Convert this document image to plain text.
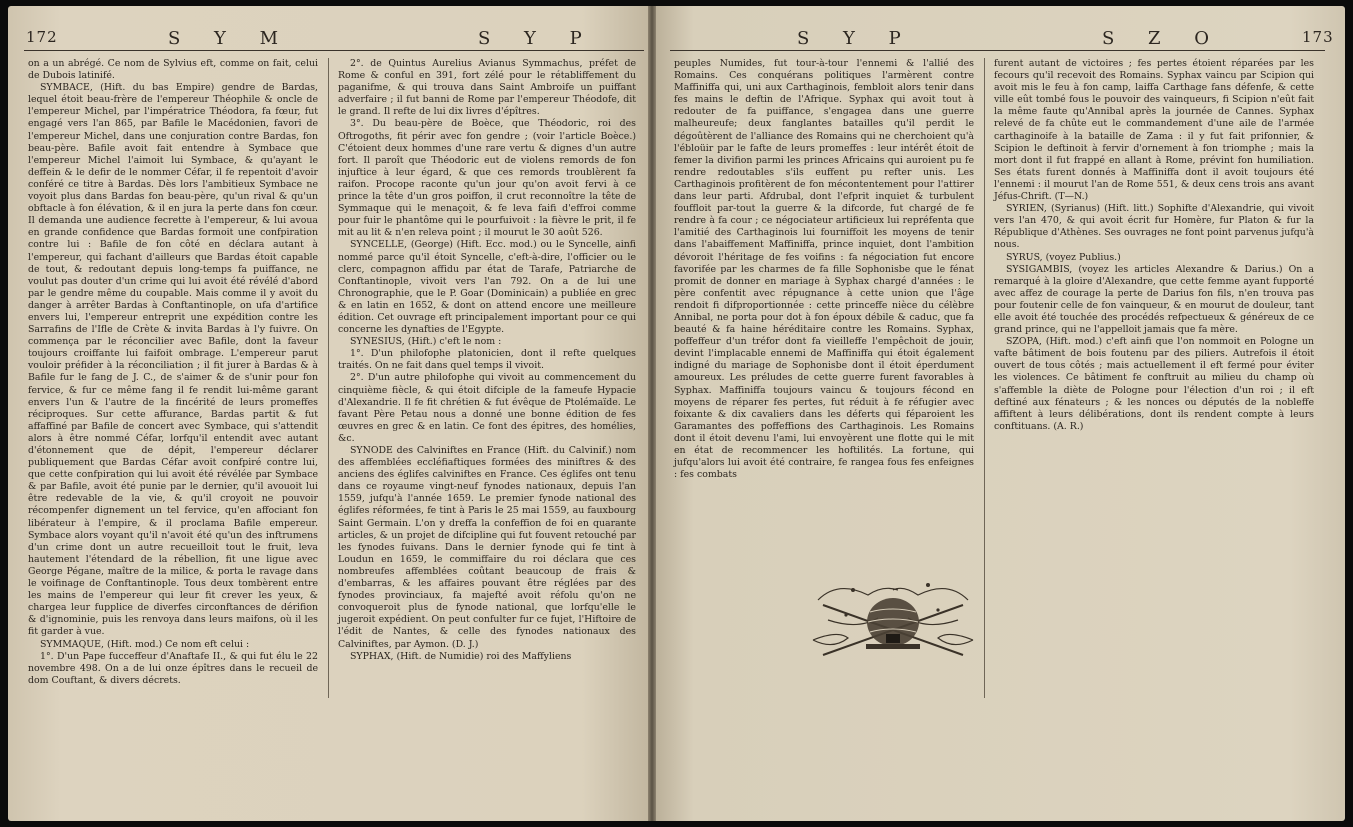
172	S Y M	S Y P

on a un abrégé. Ce nom de Sylvius eft, comme on fait, celui de Dubois latinifé.

SYMBACE, (Hift. du bas Empire) gendre de Bardas, lequel étoit beau-frère de l'empereur Théophile & oncle de l'empereur Michel, par l'impératrice Théodora, fa fœur, fut engagé vers l'an 865, par Bafile le Macédonien, favori de l'empereur Michel, dans une conjuration contre Bardas, fon beau-père. Bafile avoit fait entendre à Symbace que l'empereur Michel l'aimoit lui Symbace, & qu'ayant le deffein & le defir de le nommer Céfar, il fe repentoit d'avoir conféré ce titre à Bardas. Dès lors l'ambitieux Symbace ne voyoit plus dans Bardas fon beau-père, qu'un rival & qu'un obftacle à fon élévation, & il en jura la perte dans fon cœur. Il demanda une audience fecrette à l'empereur, & lui avoua en grande confidence que Bardas formoit une confpiration contre lui : Bafile de fon côté en déclara autant à l'empereur, qui fachant d'ailleurs que Bardas étoit capable de tout, & redoutant depuis long-temps fa puiffance, ne voulut pas douter d'un crime qui lui avoit été révélé d'abord par le gendre même du coupable. Mais comme il y avoit du danger à arrêter Bardas à Conftantinople, on ufa d'artifice envers lui, l'empereur entreprit une expédition contre les Sarrafins de l'Ifle de Crète & invita Bardas à l'y fuivre. On commença par le réconcilier avec Bafile, dont la faveur toujours croiffante lui faifoit ombrage. L'empereur parut vouloir préfider à la réconciliation ; il fit jurer à Bardas & à Bafile fur le fang de J. C., de s'aimer & de s'unir pour fon fervice, & fur ce même fang il fe rendit lui-même garant envers l'un & l'autre de la fincérité de leurs promeffes réciproques. Sur cette affurance, Bardas partit & fut affaffiné par Bafile de concert avec Symbace, qui s'attendit alors à être nommé Céfar, lorfqu'il entendit avec autant d'étonnement que de dépit, l'empereur déclarer publiquement que Bardas Céfar avoit confpiré contre lui, que cette confpiration qui lui avoit été révélée par Symbace & par Bafile, avoit été punie par le dernier, qu'il avouoit lui être redevable de la vie, & qu'il croyoit ne pouvoir récompenfer dignement un tel fervice, qu'en affociant fon libérateur à l'empire, & il proclama Bafile empereur. Symbace alors voyant qu'il n'avoit été qu'un des inftrumens d'un crime dont un autre recueilloit tout le fruit, leva hautement l'étendard de la rébellion, fit une ligue avec George Pégane, maître de la milice, & porta le ravage dans le voifinage de Conftantinople. Tous deux tombèrent entre les mains de l'empereur qui leur fit crever les yeux, & chargea leur fupplice de diverfes circonftances de dérifion & d'ignominie, puis les renvoya dans leurs maifons, où il les fit garder à vue.

SYMMAQUE, (Hift. mod.) Ce nom eft celui :

1°. D'un Pape fucceffeur d'Anaftafe II., & qui fut élu le 22 novembre 498. On a de lui onze épîtres dans le recueil de dom Couftant, & divers décrets.

2°. de Quintus Aurelius Avianus Symmachus, préfet de Rome & conful en 391, fort zélé pour le rétabliffement du paganifme, & qui trouva dans Saint Ambroife un puiffant adverfaire ; il fut banni de Rome par l'empereur Théodofe, dit le grand. Il refte de lui dix livres d'épîtres.

3°. Du beau-père de Boèce, que Théodoric, roi des Oftrogoths, fit périr avec fon gendre ; (voir l'article Boèce.) C'étoient deux hommes d'une rare vertu & dignes d'un autre fort. Il paroît que Théodoric eut de violens remords de fon injuftice à leur égard, & que ces remords troublèrent fa raifon. Procope raconte qu'un jour qu'on avoit fervi à ce prince la tête d'un gros poiffon, il crut reconnoître la tête de Symmaque qui le menaçoit, & fe leva faifi d'effroi comme pour fuir le phantôme qui le pourfuivoit : la fièvre le prit, il fe mit au lit & n'en releva point ; il mourut le 30 août 526.

SYNCELLE, (George) (Hift. Ecc. mod.) ou le Syncelle, ainfi nommé parce qu'il étoit Syncelle, c'eft-à-dire, l'officier ou le clerc, compagnon affidu par état de Tarafe, Patriarche de Conftantinople, vivoit vers l'an 792. On a de lui une Chronographie, que le P. Goar (Dominicain) a publiée en grec & en latin en 1652, & dont on attend encore une meilleure édition. Cet ouvrage eft principalement important pour ce qui concerne les dynafties de l'Egypte.

SYNESIUS, (Hift.) c'eft le nom :

1°. D'un philofophe platonicien, dont il refte quelques traités. On ne fait dans quel temps il vivoit.

2°. D'un autre philofophe qui vivoit au commencement du cinquième fiècle, & qui étoit difciple de la fameufe Hypacie d'Alexandrie. Il fe fit chrétien & fut évêque de Ptolémaïde. Le favant Père Petau nous a donné une bonne édition de fes œuvres en grec & en latin. Ce font des épitres, des homélies, &c.

SYNODE des Calviniftes en France (Hift. du Calvinif.) nom des affemblées eccléfiaftiques formées des miniftres & des anciens des églifes calviniftes en France. Ces églifes ont tenu dans ce royaume vingt-neuf fynodes nationaux, depuis l'an 1559, jufqu'à l'année 1659. Le premier fynode national des églifes réformées, fe tint à Paris le 25 mai 1559, au fauxbourg Saint Germain. L'on y dreffa la confeffion de foi en quarante articles, & un projet de difcipline qui fut fouvent retouché par les fynodes fuivans. Dans le dernier fynode qui fe tint à Loudun en 1659, le commiffaire du roi déclara que ces nombreufes affemblées coûtant beaucoup de frais & d'embarras, & les affaires pouvant être réglées par des fynodes provinciaux, fa majefté avoit réfolu qu'on ne convoqueroit plus de fynode national, que lorfqu'elle le jugeroit expédient. On peut confulter fur ce fujet, l'Hiftoire de l'édit de Nantes, & celle des fynodes nationaux des Calviniftes, par Aymon. (D. J.)

SYPHAX, (Hift. de Numidie) roi des Maffyliens

S Y P	S Z O	173

peuples Numides, fut tour-à-tour l'ennemi & l'allié des Romains. Ces conquérans politiques l'armèrent contre Maffiniffa qui, uni aux Carthaginois, fembloit alors tenir dans fes mains le deftin de l'Afrique. Syphax qui avoit tout à redouter de fa puiffance, s'engagea dans une guerre malheureufe; deux fanglantes batailles qu'il perdit le dégoûtèrent de l'alliance des Romains qui ne cherchoient qu'à l'ébloüir par le fafte de leurs promeffes : leur intérêt étoit de femer la divifion parmi les princes Africains qui auroient pu fe rendre redoutables s'ils euffent pu refter unis. Les Carthaginois profitèrent de fon mécontentement pour l'attirer dans leur parti. Afdrubal, dont l'efprit inquiet & turbulent fouffloit par-tout la guerre & la difcorde, fut chargé de fe rendre à fa cour ; ce négociateur artificieux lui repréfenta que l'amitié des Carthaginois lui fourniffoit les moyens de tenir dans l'abaiffement Maffiniffa, prince inquiet, dont l'ambition dévoroit l'héritage de fes voifins : fa négociation fut encore favorifée par les charmes de fa fille Sophonisbe que le fénat promit de donner en mariage à Syphax chargé d'années : le père confentit avec répugnance à cette union que l'âge rendoit fi difproportionnée : cette princeffe nièce du célèbre Annibal, ne porta pour dot à fon époux débile & caduc, que fa beauté & fa haine héréditaire contre les Romains. Syphax, poffeffeur d'un tréfor dont fa vieilleffe l'empêchoit de jouir, devint l'implacable ennemi de Maffiniffa qui étoit également indigné du mariage de Sophonisbe dont il étoit éperdument amoureux. Les préludes de cette guerre furent favorables à Syphax. Maffiniffa toujours vaincu & toujours fécond en moyens de réparer fes pertes, fut réduit à fe réfugier avec foixante & dix cavaliers dans les déferts qui féparoient les Garamantes des poffeffions des Carthaginois. Les Romains dont il étoit devenu l'ami, lui envoyèrent une flotte qui le mit en état de recommencer les hoftilités. La fortune, qui jufqu'alors lui avoit été contraire, fe rangea fous fes enfeignes : fes combats

furent autant de victoires ; fes pertes étoient réparées par les fecours qu'il recevoit des Romains. Syphax vaincu par Scipion qui avoit mis le feu à fon camp, laiffa Carthage fans défenfe, & cette ville eût tombé fous le pouvoir des vainqueurs, fi Scipion n'eût fait la même faute qu'Annibal après la journée de Cannes. Syphax relevé de fa chûte eut le commandement d'une aile de l'armée carthaginoife à la bataille de Zama : il y fut fait prifonnier, & Scipion le deftinoit à fervir d'ornement à fon triomphe ; mais la mort dont il fut frappé en allant à Rome, prévint fon humiliation. Ses états furent donnés à Maffiniffa dont il avoit toujours été l'ennemi : il mourut l'an de Rome 551, & deux cens trois ans avant Jéfus-Chrift. (T—N.)

SYRIEN, (Syrianus) (Hift. litt.) Sophifte d'Alexandrie, qui vivoit vers l'an 470, & qui avoit écrit fur Homère, fur Platon & fur la République d'Athènes. Ses ouvrages ne font point parvenus jufqu'à nous.

SYRUS, (voyez Publius.)

SYSIGAMBIS, (voyez les articles Alexandre & Darius.) On a remarqué à la gloire d'Alexandre, que cette femme ayant fupporté avec affez de courage la perte de Darius fon fils, n'en trouva pas pour foutenir celle de fon vainqueur, & en mourut de douleur, tant elle avoit été touchée des procédés refpectueux & généreux de ce grand prince, qui ne l'appelloit jamais que fa mère.

SZOPA, (Hift. mod.) c'eft ainfi que l'on nommoit en Pologne un vafte bâtiment de bois foutenu par des piliers. Autrefois il étoit ouvert de tous côtés ; mais actuellement il eft fermé pour éviter les violences. Ce bâtiment fe conftruit au milieu du champ où s'affemble la diète de Pologne pour l'élection d'un roi ; il eft deftiné aux fénateurs ; & les nonces ou députés de la nobleffe affiftent à leurs délibérations, dont ils rendent compte à leurs conftituans. (A. R.)
